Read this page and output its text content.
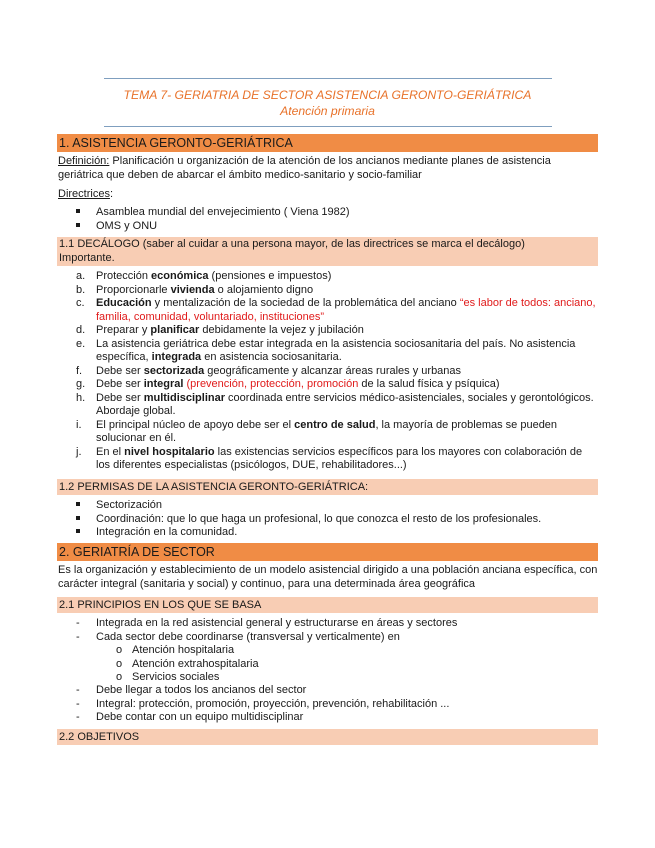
TEMA 7- GERIATRIA DE SECTOR ASISTENCIA GERONTO-GERIÁTRICA
Atención primaria
1. ASISTENCIA GERONTO-GERIÁTRICA
Definición: Planificación u organización de la atención de los ancianos mediante planes de asistencia geriátrica que deben de abarcar el ámbito medico-sanitario y socio-familiar
Directrices:
Asamblea mundial del envejecimiento ( Viena 1982)
OMS y ONU
1.1 DECÁLOGO (saber al cuidar a una persona mayor, de las directrices se marca el decálogo)
Importante.
a. Protección económica (pensiones e impuestos)
b. Proporcionarle vivienda o alojamiento digno
c.	Educación y mentalización de la sociedad de la problemática del anciano “es labor de todos: anciano, familia, comunidad, voluntariado, instituciones”
d. Preparar y planificar debidamente la vejez y jubilación
e. La asistencia geriátrica debe estar integrada en la asistencia sociosanitaria del país. No asistencia específica, integrada en asistencia sociosanitaria.
f.	Debe ser sectorizada geográficamente y alcanzar áreas rurales y urbanas
g. Debe ser integral (prevención, protección, promoción de la salud física y psíquica)
h. Debe ser multidisciplinar coordinada entre servicios médico-asistenciales, sociales y gerontológicos. Abordaje global.
i.	El principal núcleo de apoyo debe ser el centro de salud, la mayoría de problemas se pueden solucionar en él.
j.	En el nivel hospitalario las existencias servicios específicos para los mayores con colaboración de los diferentes especialistas (psicólogos, DUE, rehabilitadores...)
1.2 PERMISAS DE LA ASISTENCIA GERONTO-GERIÁTRICA:
Sectorización
Coordinación: que lo que haga un profesional, lo que conozca el resto de los profesionales.
Integración en la comunidad.
2. GERIATRÍA DE SECTOR
Es la organización y establecimiento de un modelo asistencial dirigido a una población anciana específica, con carácter integral (sanitaria y social) y continuo, para una determinada área geográfica
2.1 PRINCIPIOS EN LOS QUE SE BASA
-	Integrada en la red asistencial general y estructurarse en áreas y sectores
-	Cada sector debe coordinarse (transversal y verticalmente) en
o Atención hospitalaria
o Atención extrahospitalaria
o Servicios sociales
-	Debe llegar a todos los ancianos del sector
-	Integral: protección, promoción, proyección, prevención, rehabilitación ...
-	Debe contar con un equipo multidisciplinar
2.2 OBJETIVOS
